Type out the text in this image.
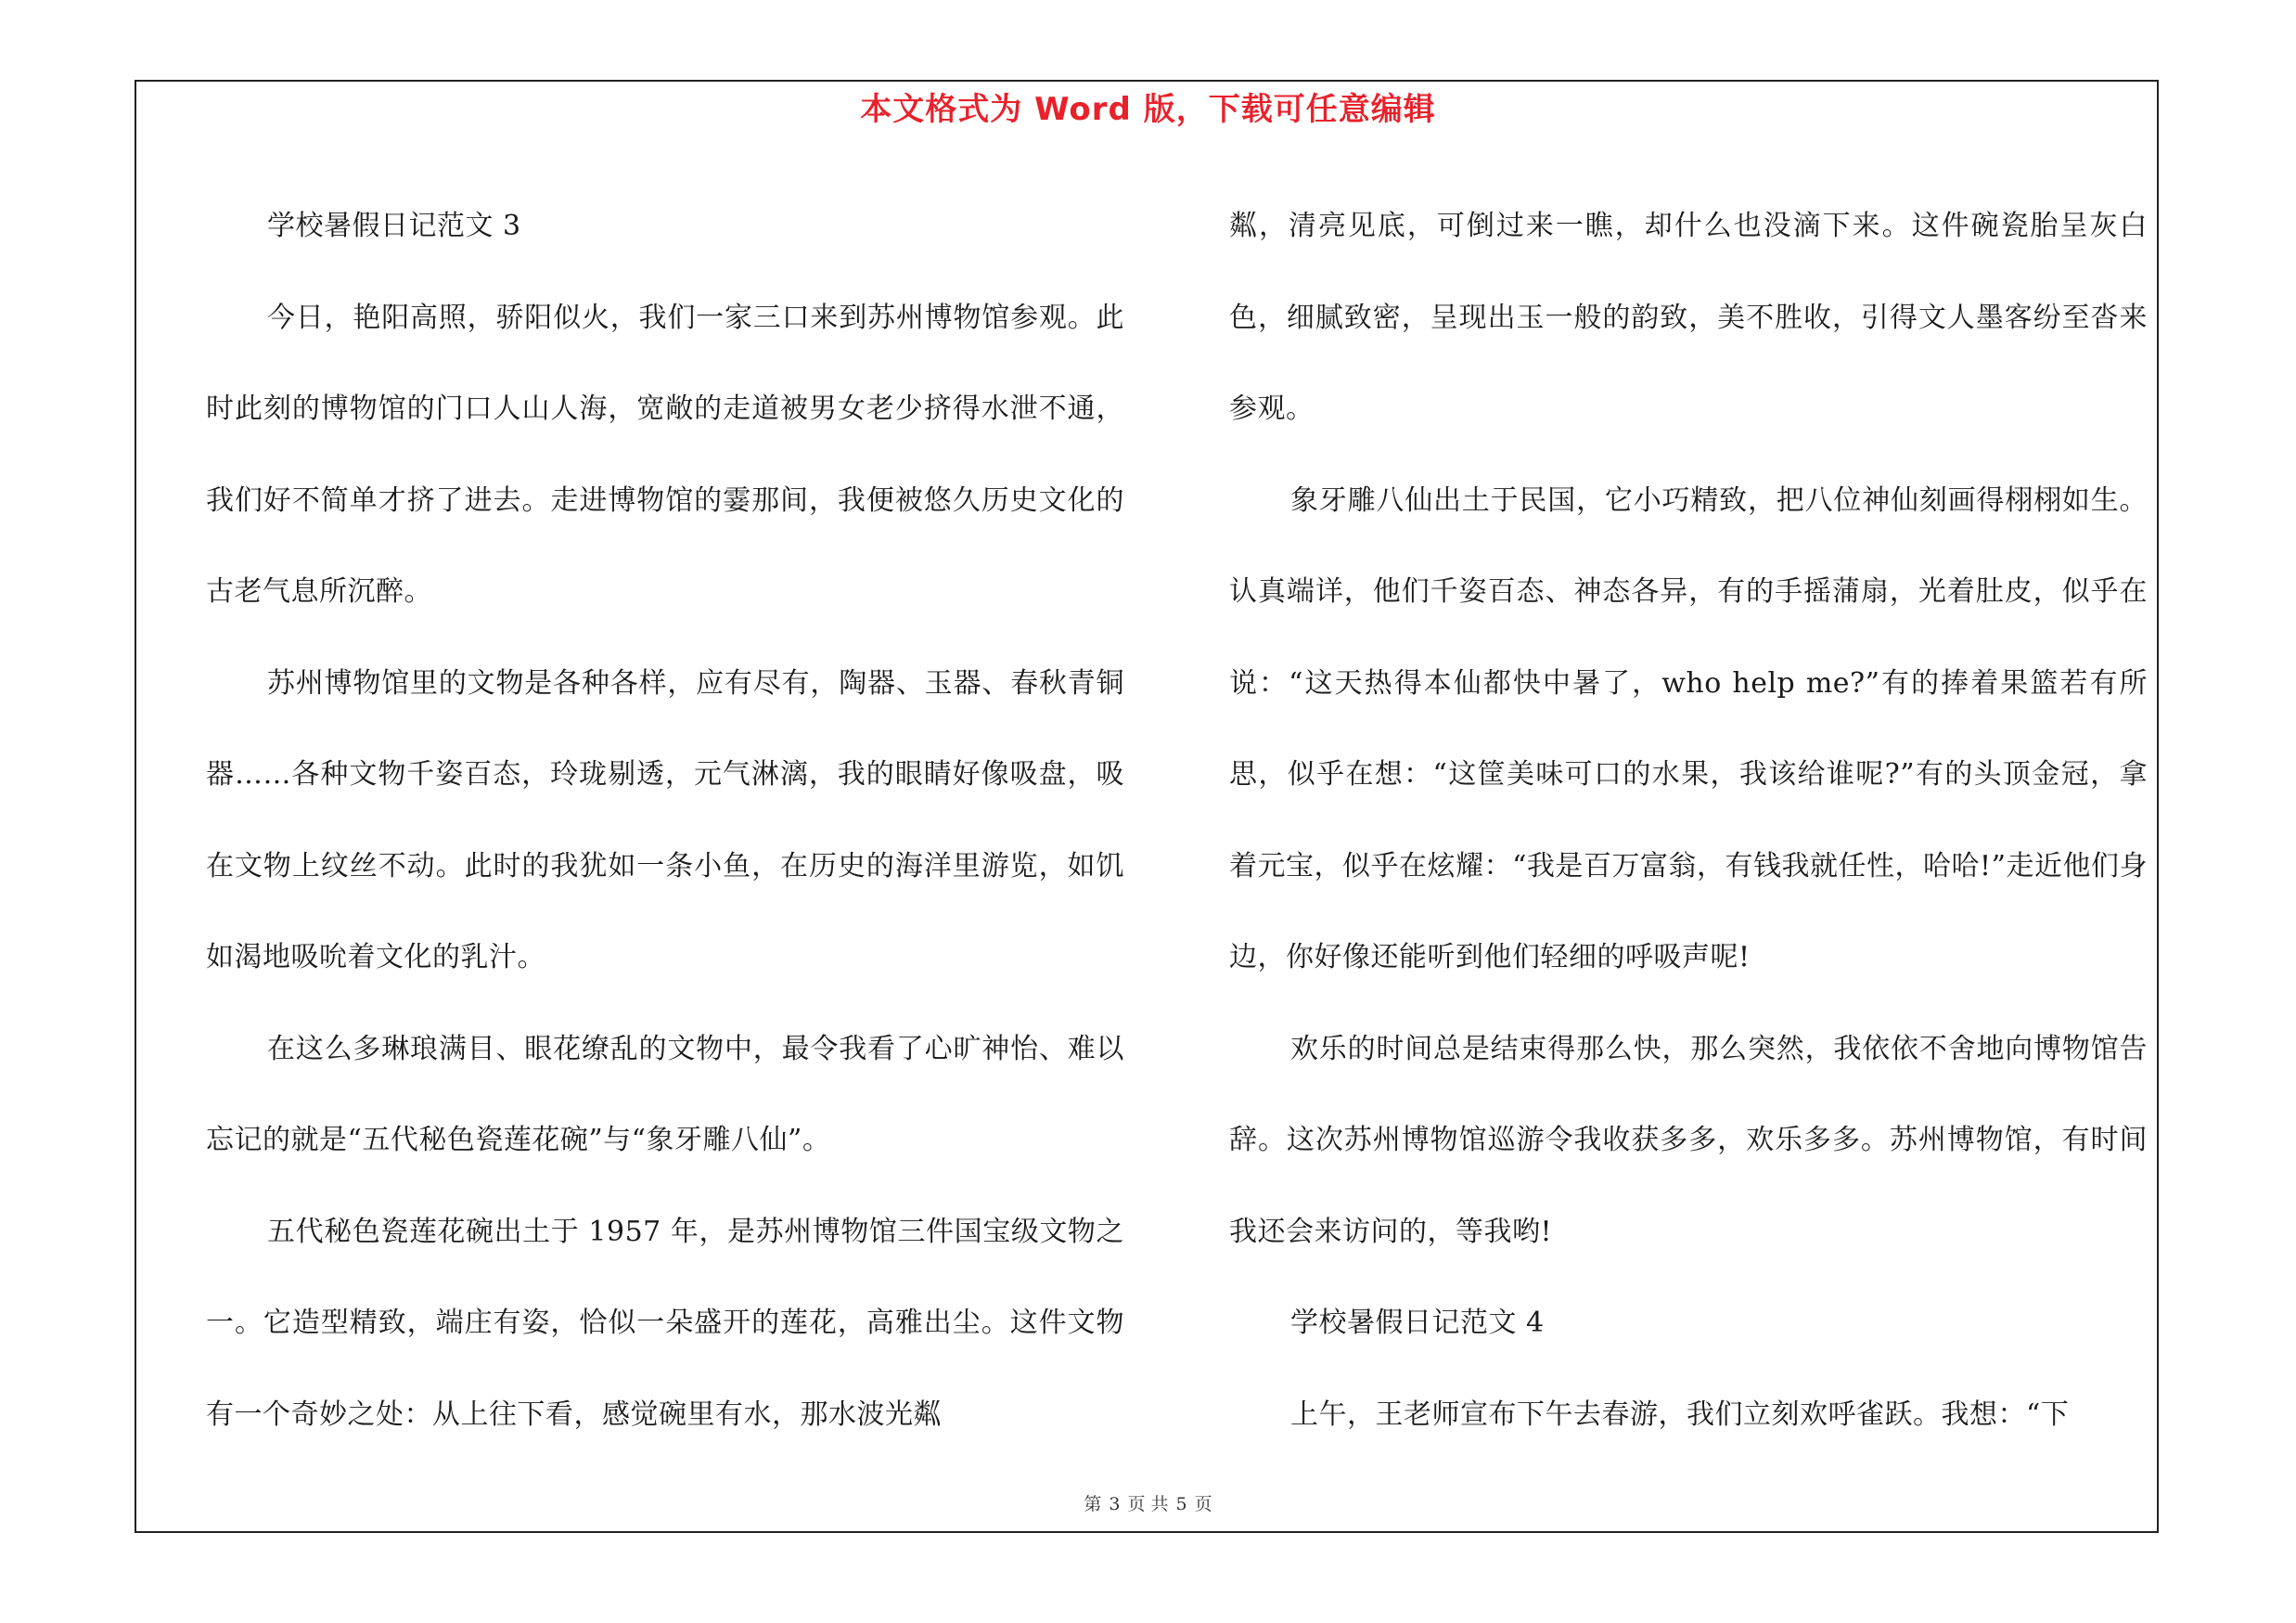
本文格式为 Word 版，下载可任意编辑

学校暑假日记范文 3

今日，艳阳高照，骄阳似火，我们一家三口来到苏州博物馆参观。此时此刻的博物馆的门口人山人海，宽敞的走道被男女老少挤得水泄不通，我们好不简单才挤了进去。走进博物馆的霎那间，我便被悠久历史文化的古老气息所沉醉。

苏州博物馆里的文物是各种各样，应有尽有，陶器、玉器、春秋青铜器……各种文物千姿百态，玲珑剔透，元气淋漓，我的眼睛好像吸盘，吸在文物上纹丝不动。此时的我犹如一条小鱼，在历史的海洋里游览，如饥如渴地吸吮着文化的乳汁。

在这么多琳琅满目、眼花缭乱的文物中，最令我看了心旷神怡、难以忘记的就是“五代秘色瓷莲花碗”与“象牙雕八仙”。

五代秘色瓷莲花碗出土于 1957 年，是苏州博物馆三件国宝级文物之一。它造型精致，端庄有姿，恰似一朵盛开的莲花，高雅出尘。这件文物有一个奇妙之处：从上往下看，感觉碗里有水，那水波光粼

粼，清亮见底，可倒过来一瞧，却什么也没滴下来。这件碗瓷胎呈灰白色，细腻致密，呈现出玉一般的韵致，美不胜收，引得文人墨客纷至沓来参观。

象牙雕八仙出土于民国，它小巧精致，把八位神仙刻画得栩栩如生。认真端详，他们千姿百态、神态各异，有的手摇蒲扇，光着肚皮，似乎在说：“这天热得本仙都快中暑了，who help me?”有的捧着果篮若有所思，似乎在想：“这筐美味可口的水果，我该给谁呢?”有的头顶金冠，拿着元宝，似乎在炫耀：“我是百万富翁，有钱我就任性，哈哈!”走近他们身边，你好像还能听到他们轻细的呼吸声呢!

欢乐的时间总是结束得那么快，那么突然，我依依不舍地向博物馆告辞。这次苏州博物馆巡游令我收获多多，欢乐多多。苏州博物馆，有时间我还会来访问的，等我哟!

学校暑假日记范文 4

上午，王老师宣布下午去春游，我们立刻欢呼雀跃。我想：“下

第 3 页 共 5 页
